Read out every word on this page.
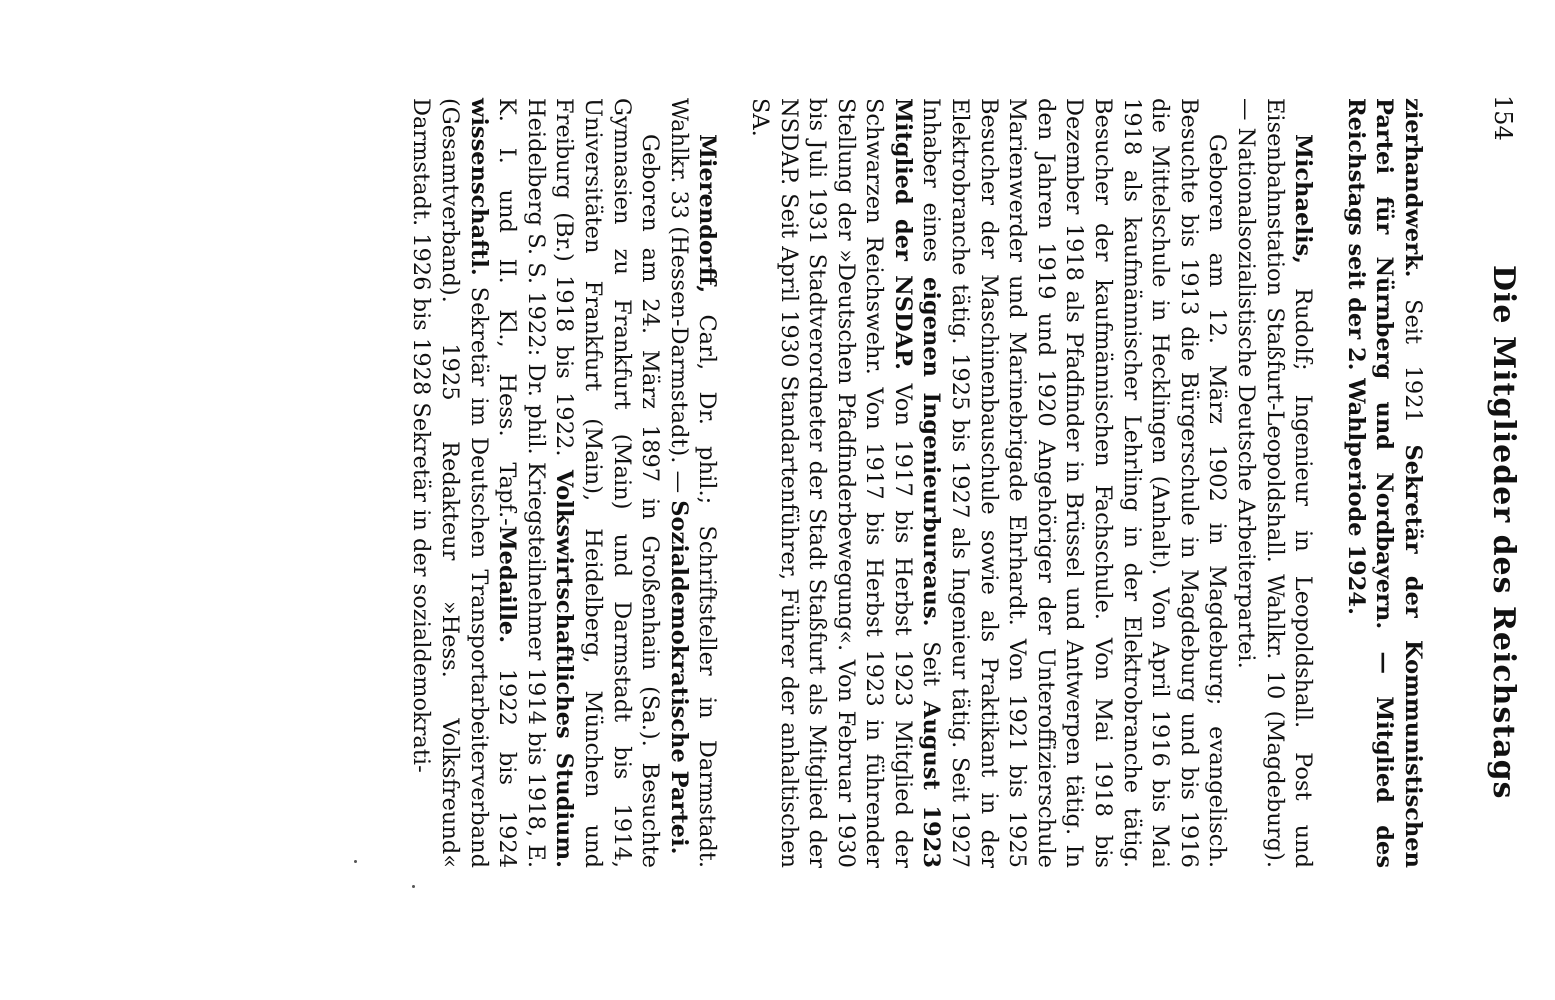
154
Die Mitglieder des Reichstags

zierhandwerk. Seit 1921 Sekretär der Kommunistischen Partei für Nürnberg und Nordbayern. — Mitglied des Reichstags seit der 2. Wahlperiode 1924.

Michaelis, Rudolf; Ingenieur in Leopoldshall. Post und Eisenbahnstation Staßfurt-Leopoldshall. Wahlkr. 10 (Magdeburg). — Nationalsozialistische Deutsche Arbeiterpartei.

Geboren am 12. März 1902 in Magdeburg; evangelisch. Besuchte bis 1913 die Bürgerschule in Magdeburg und bis 1916 die Mittelschule in Hecklingen (Anhalt). Von April 1916 bis Mai 1918 als kaufmännischer Lehrling in der Elektrobranche tätig. Besucher der kaufmännischen Fachschule. Von Mai 1918 bis Dezember 1918 als Pfadfinder in Brüssel und Antwerpen tätig. In den Jahren 1919 und 1920 Angehöriger der Unteroffizierschule Marienwerder und Marinebrigade Ehrhardt. Von 1921 bis 1925 Besucher der Maschinenbauschule sowie als Praktikant in der Elektrobranche tätig. 1925 bis 1927 als Ingenieur tätig. Seit 1927 Inhaber eines eigenen Ingenieurbureaus. Seit August 1923 Mitglied der NSDAP. Von 1917 bis Herbst 1923 Mitglied der Schwarzen Reichswehr. Von 1917 bis Herbst 1923 in führender Stellung der »Deutschen Pfadfinderbewegung«. Von Februar 1930 bis Juli 1931 Stadtverordneter der Stadt Staßfurt als Mitglied der NSDAP. Seit April 1930 Standartenführer, Führer der anhaltischen SA.

Mierendorff, Carl, Dr. phil.; Schriftsteller in Darmstadt. Wahlkr. 33 (Hessen-Darmstadt). — Sozialdemokratische Partei.

Geboren am 24. März 1897 in Großenhain (Sa.). Besuchte Gymnasien zu Frankfurt (Main) und Darmstadt bis 1914, Universitäten Frankfurt (Main), Heidelberg, München und Freiburg (Br.) 1918 bis 1922. Volkswirtschaftliches Studium. Heidelberg S. S. 1922: Dr. phil. Kriegsteilnehmer 1914 bis 1918, E. K. I. und II. Kl., Hess. Tapf.-Medaille. 1922 bis 1924 wissenschaftl. Sekretär im Deutschen Transportarbeiterverband (Gesamtverband). 1925 Redakteur »Hess. Volksfreund« Darmstadt. 1926 bis 1928 Sekretär in der sozialdemokrati-
